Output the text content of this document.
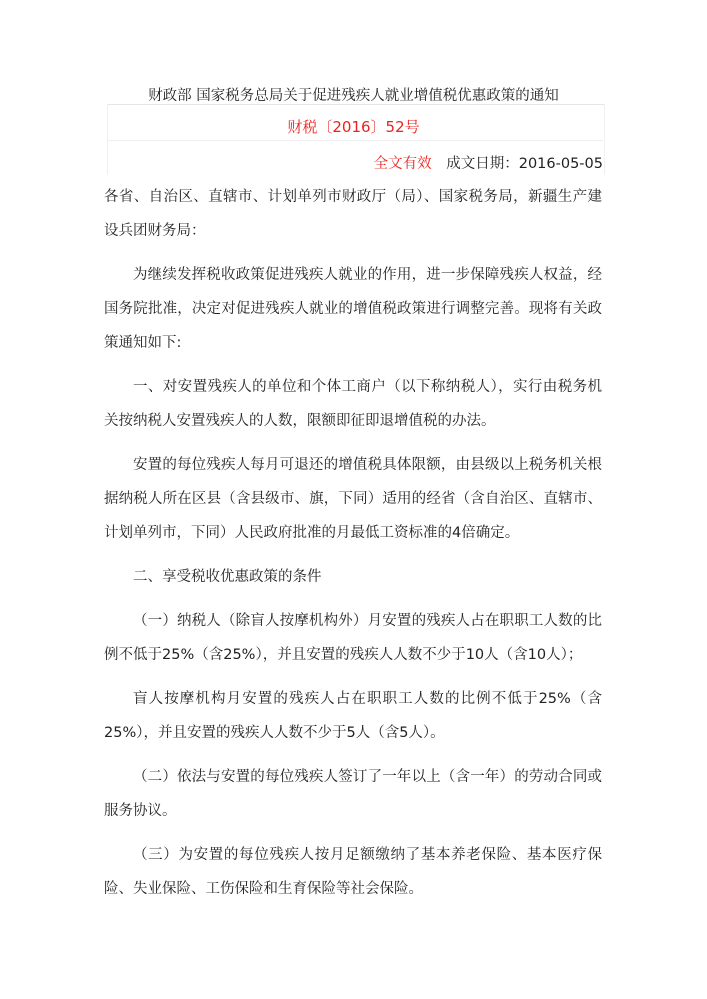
财政部 国家税务总局关于促进残疾人就业增值税优惠政策的通知
财税〔2016〕52号
全文有效 成文日期：2016-05-05

各省、自治区、直辖市、计划单列市财政厅（局）、国家税务局，新疆生产建设兵团财务局：

为继续发挥税收政策促进残疾人就业的作用，进一步保障残疾人权益，经国务院批准，决定对促进残疾人就业的增值税政策进行调整完善。现将有关政策通知如下:

一、对安置残疾人的单位和个体工商户（以下称纳税人），实行由税务机关按纳税人安置残疾人的人数，限额即征即退增值税的办法。

安置的每位残疾人每月可退还的增值税具体限额，由县级以上税务机关根据纳税人所在区县（含县级市、旗，下同）适用的经省（含自治区、直辖市、计划单列市，下同）人民政府批准的月最低工资标准的4倍确定。

二、享受税收优惠政策的条件

（一）纳税人（除盲人按摩机构外）月安置的残疾人占在职职工人数的比例不低于25%（含25%），并且安置的残疾人人数不少于10人（含10人）；

盲人按摩机构月安置的残疾人占在职职工人数的比例不低于25%（含25%），并且安置的残疾人人数不少于5人（含5人）。

（二）依法与安置的每位残疾人签订了一年以上（含一年）的劳动合同或服务协议。

（三）为安置的每位残疾人按月足额缴纳了基本养老保险、基本医疗保险、失业保险、工伤保险和生育保险等社会保险。
